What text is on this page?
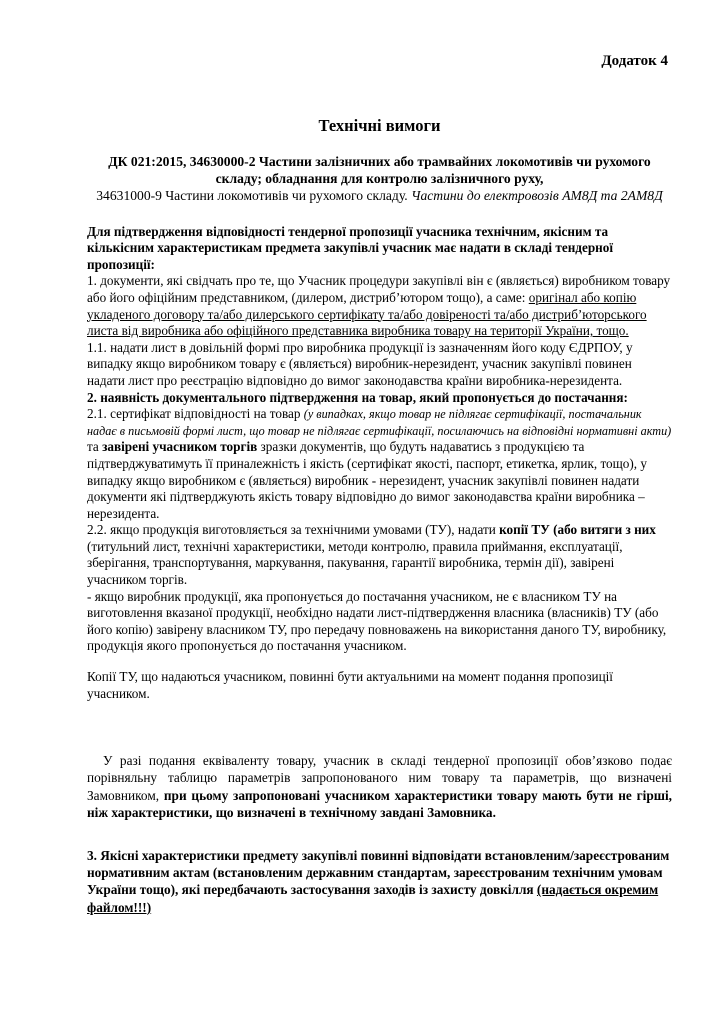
Додаток 4
Технічні вимоги
ДК 021:2015, 34630000-2 Частини залізничних або трамвайних локомотивів чи рухомого складу; обладнання для контролю залізничного руху,
34631000-9 Частини локомотивів чи рухомого складу. Частини до електровозів АМ8Д та 2АМ8Д

Для підтвердження відповідності тендерної пропозиції учасника технічним, якісним та кількісним характеристикам предмета закупівлі учасник має надати в складі тендерної пропозиції:

1. документи, які свідчать про те, що Учасник процедури закупівлі він є (являється) виробником товару або його офіційним представником, (дилером, дистриб’ютором тощо), а саме: оригінал або копію укладеного договору та/або дилерського сертифікату та/або довіреності та/або дистриб’юторського листа від виробника або офіційного представника виробника товару на території України, тощо.

1.1. надати лист в довільній формі про виробника продукції із зазначенням його коду ЄДРПОУ, у випадку якщо виробником товару є (являється) виробник-нерезидент, учасник закупівлі повинен надати лист про реєстрацію відповідно до вимог законодавства країни виробника-нерезидента.

2. наявність документального підтвердження на товар, який пропонується до постачання:

2.1. сертифікат відповідності на товар (у випадках, якщо товар не підлягає сертифікації, постачальник надає в письмовій формі лист, що товар не підлягає сертифікації, посилаючись на відповідні нормативні акти) та завірені учасником торгів зразки документів, що будуть надаватись з продукцією та підтверджуватимуть її приналежність і якість (сертифікат якості, паспорт, етикетка, ярлик, тощо), у випадку якщо виробником є (являється) виробник - нерезидент, учасник закупівлі повинен надати документи які підтверджують якість товару відповідно до вимог законодавства країни виробника – нерезидента.

2.2. якщо продукція виготовляється за технічними умовами (ТУ), надати копії ТУ (або витяги з них (титульний лист, технічні характеристики, методи контролю, правила приймання, експлуатації, зберігання, транспортування, маркування, пакування, гарантії виробника, термін дії), завірені учасником торгів.

- якщо виробник продукції, яка пропонується до постачання учасником, не є власником ТУ на виготовлення вказаної продукції, необхідно надати лист-підтвердження власника (власників) ТУ (або його копію) завірену власником ТУ, про передачу повноважень на використання даного ТУ, виробнику, продукція якого пропонується до постачання учасником.

Копії ТУ, що надаються учасником, повинні бути актуальними на момент подання пропозиції учасником.

У разі подання еквіваленту товару, учасник в складі тендерної пропозиції обов’язково подає порівняльну таблицю параметрів запропонованого ним товару та параметрів, що визначені Замовником, при цьому запропоновані учасником характеристики товару мають бути не гірші, ніж характеристики, що визначені в технічному завдані Замовника.

3. Якісні характеристики предмету закупівлі повинні відповідати встановленим/зареєстрованим нормативним актам (встановленим державним стандартам, зареєстрованим технічним умовам України тощо), які передбачають застосування заходів із захисту довкілля (надається окремим файлом!!!)
